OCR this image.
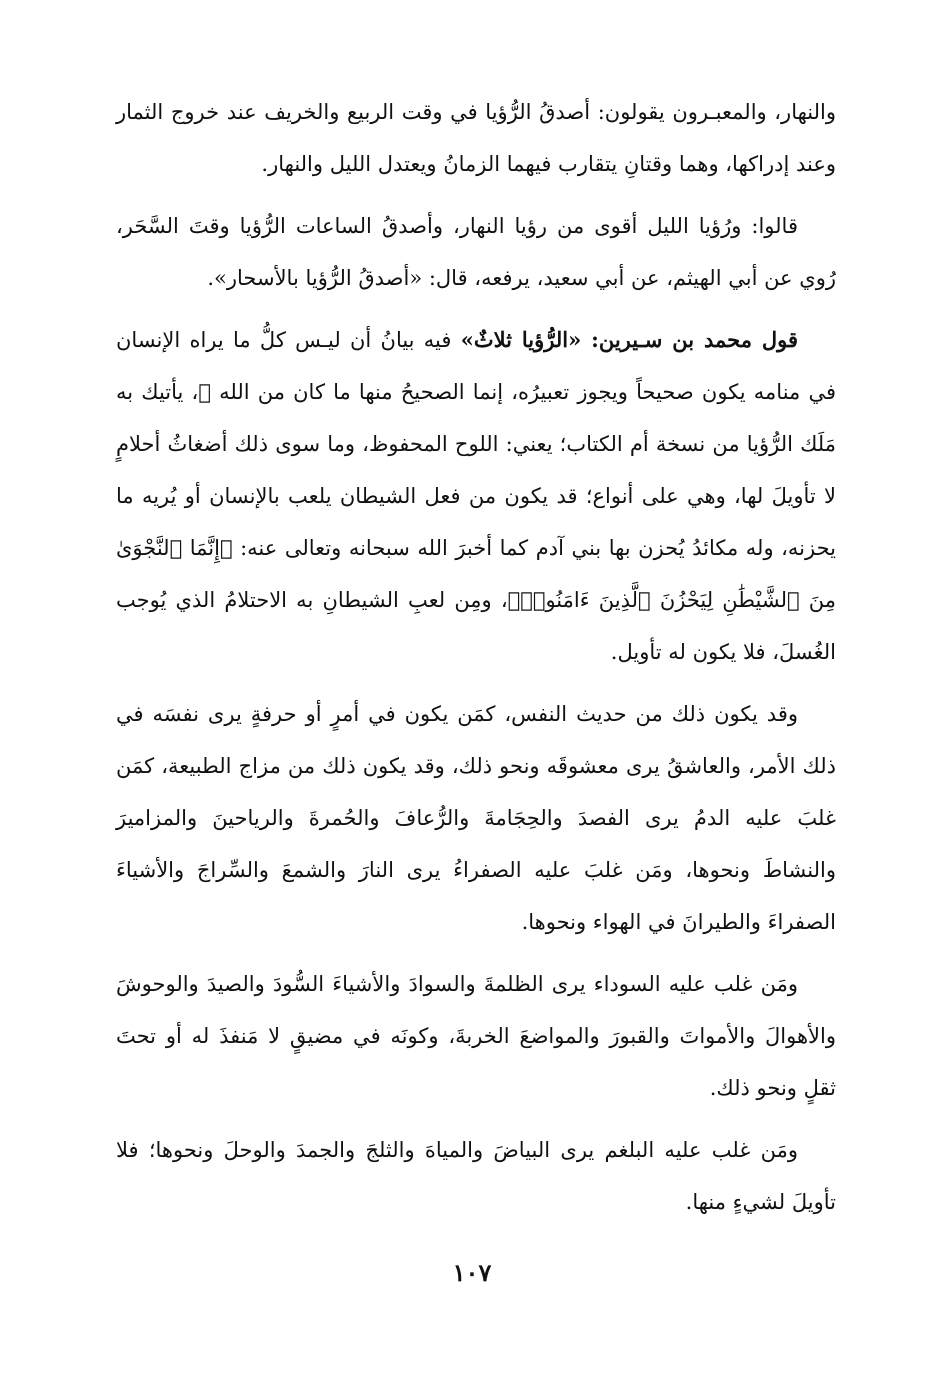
والنهار، والمعبـرون يقولون: أصدقُ الرُّؤيا في وقت الربيع والخريف عند خروج الثمار وعند إدراكها، وهما وقتانِ يتقارب فيهما الزمانُ ويعتدل الليل والنهار.

قالوا: ورُؤيا الليل أقوى من رؤيا النهار، وأصدقُ الساعات الرُّؤيا وقتَ السَّحَر، رُوي عن أبي الهيثم، عن أبي سعيد، يرفعه، قال: «أصدقُ الرُّؤيا بالأسحار».

قول محمد بن سـيرين: «الرُّؤيا ثلاثٌ» فيه بيانُ أن ليـس كلُّ ما يراه الإنسان في منامه يكون صحيحاً ويجوز تعبيرُه، إنما الصحيحُ منها ما كان من الله ﷻ، يأتيك به مَلَك الرُّؤيا من نسخة أم الكتاب؛ يعني: اللوح المحفوظ، وما سوى ذلك أضغاثُ أحلامٍ لا تأويلَ لها، وهي على أنواع؛ قد يكون من فعل الشيطان يلعب بالإنسان أو يُريه ما يحزنه، وله مكائدُ يُحزن بها بني آدم كما أخبرَ الله سبحانه وتعالى عنه: ﴿إِنَّمَا ٱلنَّجْوَىٰ مِنَ ٱلشَّيْطَٰنِ لِيَحْزُنَ ٱلَّذِينَ ءَامَنُوا۟﴾، ومِن لعبِ الشيطانِ به الاحتلامُ الذي يُوجب الغُسلَ، فلا يكون له تأويل.

وقد يكون ذلك من حديث النفس، كمَن يكون في أمرٍ أو حرفةٍ يرى نفسَه في ذلك الأمر، والعاشقُ يرى معشوقَه ونحو ذلك، وقد يكون ذلك من مزاج الطبيعة، كمَن غلبَ عليه الدمُ يرى الفصدَ والحِجَامةَ والرُّعافَ والحُمرةَ والرياحينَ والمزاميرَ والنشاطَ ونحوها، ومَن غلبَ عليه الصفراءُ يرى النارَ والشمعَ والسِّراجَ والأشياءَ الصفراءَ والطيرانَ في الهواء ونحوها.

ومَن غلب عليه السوداء يرى الظلمةَ والسوادَ والأشياءَ السُّودَ والصيدَ والوحوشَ والأهوالَ والأمواتَ والقبورَ والمواضعَ الخربةَ، وكونَه في مضيقٍ لا مَنفذَ له أو تحتَ ثقلٍ ونحو ذلك.

ومَن غلب عليه البلغم يرى البياضَ والمياهَ والثلجَ والجمدَ والوحلَ ونحوها؛ فلا تأويلَ لشيءٍ منها.

١٠٧
